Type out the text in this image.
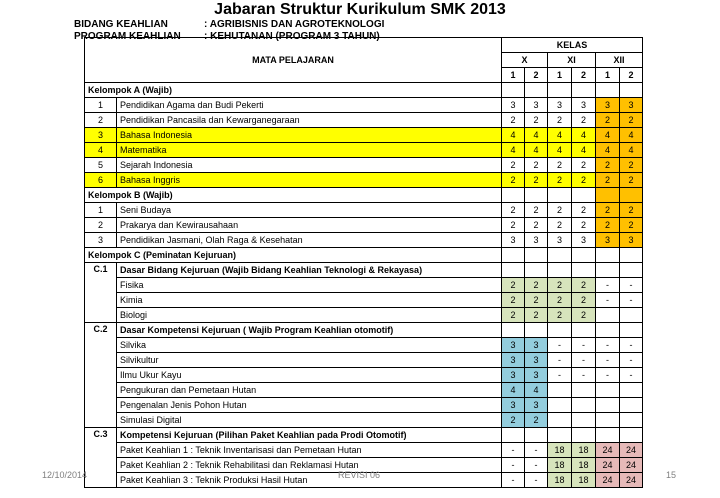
Jabaran Struktur Kurikulum SMK 2013
BIDANG KEAHLIAN	: AGRIBISNIS DAN AGROTEKNOLOGI
PROGRAM KEAHLIAN : KEHUTANAN (PROGRAM 3 TAHUN)
MATA PELAJARAN		KELAS					
		X		XI		XII	
		1	2	1	2	1	2
Kelompok A (Wajib)							
1	Pendidikan Agama dan Budi Pekerti	3	3	3	3	3	3
2	Pendidikan Pancasila dan Kewarganegaraan	2	2	2	2	2	2
3	Bahasa Indonesia	4	4	4	4	4	4
4	Matematika	4	4	4	4	4	4
5	Sejarah Indonesia	2	2	2	2	2	2
6	Bahasa Inggris	2	2	2	2	2	2
Kelompok B (Wajib)							
1	Seni Budaya	2	2	2	2	2	2
2	Prakarya dan Kewirausahaan	2	2	2	2	2	2
3	Pendidikan Jasmani, Olah Raga & Kesehatan	3	3	3	3	3	3
Kelompok C (Peminatan Kejuruan)							
C.1	Dasar Bidang Kejuruan (Wajib Bidang Keahlian Teknologi & Rekayasa)						
	Fisika	2	2	2	2	-	-
	Kimia	2	2	2	2	-	-
	Biologi	2	2	2	2		
C.2	Dasar Kompetensi Kejuruan ( Wajib Program Keahlian otomotif)						
	Silvika	3	3	-	-	-	-
	Silvikultur	3	3	-	-	-	-
	Ilmu Ukur Kayu	3	3	-	-	-	-
	Pengukuran dan Pemetaan Hutan	4	4				
	Pengenalan Jenis Pohon Hutan	3	3				
	Simulasi Digital	2	2				
C.3	Kompetensi Kejuruan (Pilihan Paket Keahlian pada Prodi Otomotif)						
	Paket Keahlian 1 : Teknik Inventarisasi dan Pemetaan Hutan	-	-	18	18	24	24
	Paket Keahlian 2 : Teknik Rehabilitasi dan Reklamasi Hutan	-	-	18	18	24	24
	Paket Keahlian 3 : Teknik Produksi Hasil Hutan	-	-	18	18	24	24
12/10/2014	REVISI 06	15
